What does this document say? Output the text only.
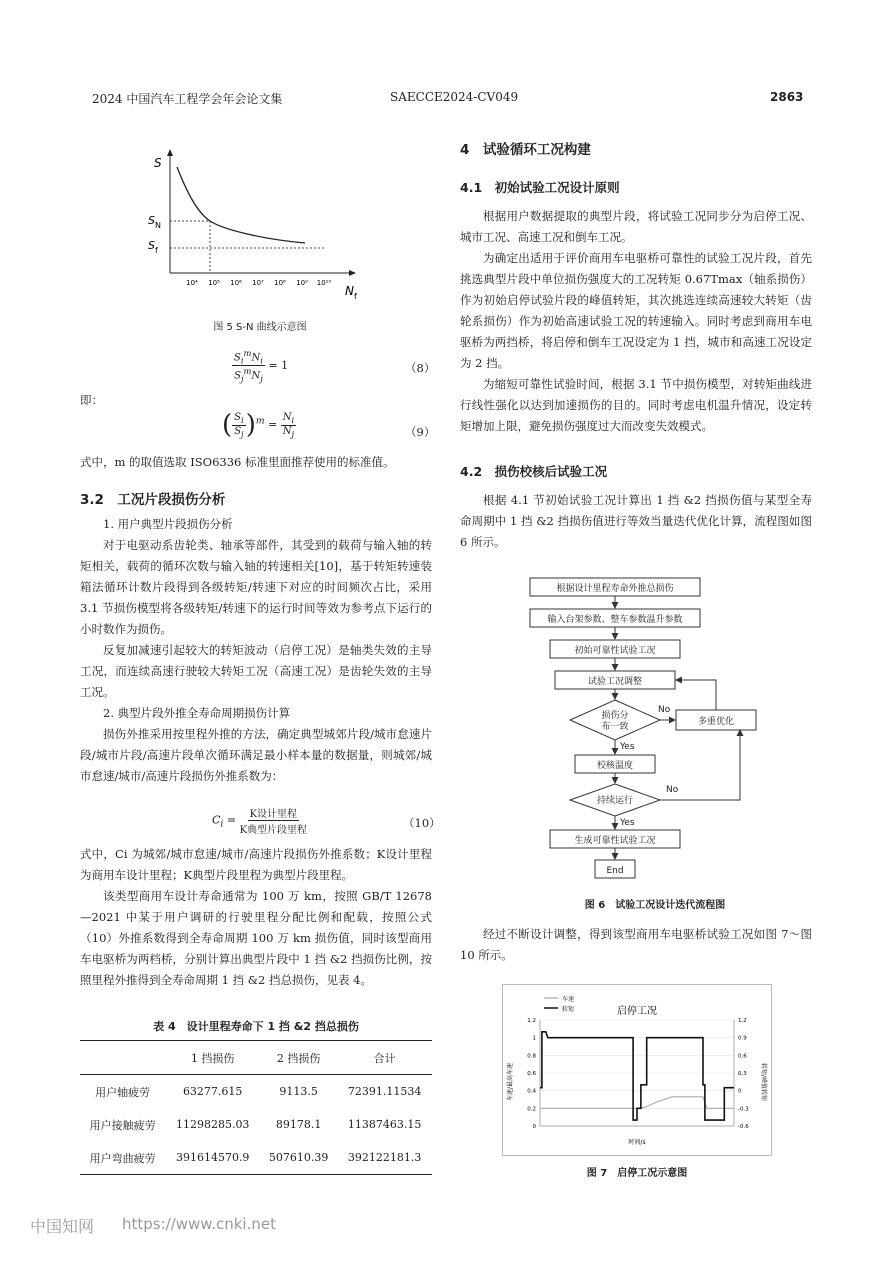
2024 中国汽车工程学会年会论文集	SAECCE2024-CV049	2863
S
S N
S f
N f
10⁴ 10⁵ 10⁶ 10⁷ 10⁸ 10⁹ 10¹⁰
图 5 S-N 曲线示意图
$\frac{S_i^mN_i}{S_j^mN_j} = 1$	（8）
即：
( $\frac{S_i}{S_j} )^m = \frac{N_i}{N_j}$	（9）
式中，m 的取值选取 ISO6336 标准里面推荐使用的标准值。
3.2　工况片段损伤分析

1. 用户典型片段损伤分析

对于电驱动系齿轮类、轴承等部件，其受到的载荷与输入轴的转矩相关，载荷的循环次数与输入轴的转速相关[10]，基于转矩转速装箱法循环计数片段得到各级转矩/转速下对应的时间频次占比，采用 3.1 节损伤模型将各级转矩/转速下的运行时间等效为参考点下运行的小时数作为损伤。

反复加减速引起较大的转矩波动（启停工况）是轴类失效的主导工况，而连续高速行驶较大转矩工况（高速工况）是齿轮失效的主导工况。

2. 典型片段外推全寿命周期损伤计算

损伤外推采用按里程外推的方法，确定典型城郊片段/城市怠速片段/城市片段/高速片段单次循环满足最小样本量的数据量，则城郊/城市怠速/城市/高速片段损伤外推系数为：

$C_i = \frac{\text{K设计里程}}{\text{K典型片段里程}}$	（10）

式中，Ci 为城郊/城市怠速/城市/高速片段损伤外推系数；K设计里程为商用车设计里程；K典型片段里程为典型片段里程。

该类型商用车设计寿命通常为 100 万 km，按照 GB/T 12678—2021 中某于用户调研的行驶里程分配比例和配载，按照公式（10）外推系数得到全寿命周期 100 万 km 损伤值，同时该型商用车电驱桥为两档桥，分别计算出典型片段中 1 挡 &2 挡损伤比例，按照里程外推得到全寿命周期 1 挡 &2 挡总损伤，见表 4。

表 4　设计里程寿命下 1 挡 &2 挡总损伤
	1 挡损伤	2 挡损伤	合计
用户轴疲劳	63277.615	9113.5	72391.11534
用户接触疲劳	11298285.03	89178.1	11387463.15
用户弯曲疲劳	391614570.9	507610.39	392122181.3
4　试验循环工况构建
4.1　初始试验工况设计原则

根据用户数据提取的典型片段，将试验工况同步分为启停工况、城市工况、高速工况和倒车工况。

为确定出适用于评价商用车电驱桥可靠性的试验工况片段，首先挑选典型片段中单位损伤强度大的工况转矩 0.67Tmax（轴系损伤）作为初始启停试验片段的峰值转矩，其次挑选连续高速较大转矩（齿轮系损伤）作为初始高速试验工况的转速输入。同时考虑到商用车电驱桥为两挡桥，将启停和倒车工况设定为 1 挡，城市和高速工况设定为 2 挡。

为缩短可靠性试验时间，根据 3.1 节中损伤模型，对转矩曲线进行线性强化以达到加速损伤的目的。同时考虑电机温升情况，设定转矩增加上限，避免损伤强度过大而改变失效模式。

4.2　损伤校核后试验工况

根据 4.1 节初始试验工况计算出 1 挡 &2 挡损伤值与某型全寿命周期中 1 挡 &2 挡损伤值进行等效当量迭代优化计算，流程图如图 6 所示。

根据设计里程寿命外推总损伤
输入台架参数、整车参数温升参数
初始可靠性试验工况
试验工况调整
损伤分
布一致
No
多重优化
Yes
校核温度
持续运行
No
Yes
生成可靠性试验工况
End
图 6　试验工况设计迭代流程图

经过不断设计调整，得到该型商用车电驱桥试验工况如图 7～图 10 所示。

启停工况
0
0.2
0.4
0.6
0.8
1
1.2
-0.6
-0.3
0
0.3
0.6
0.9
1.2
车速
转矩
时间/s
车速/最高车速	转矩/峰值转矩
图 7　启停工况示意图
中国知网 https://www.cnki.net
